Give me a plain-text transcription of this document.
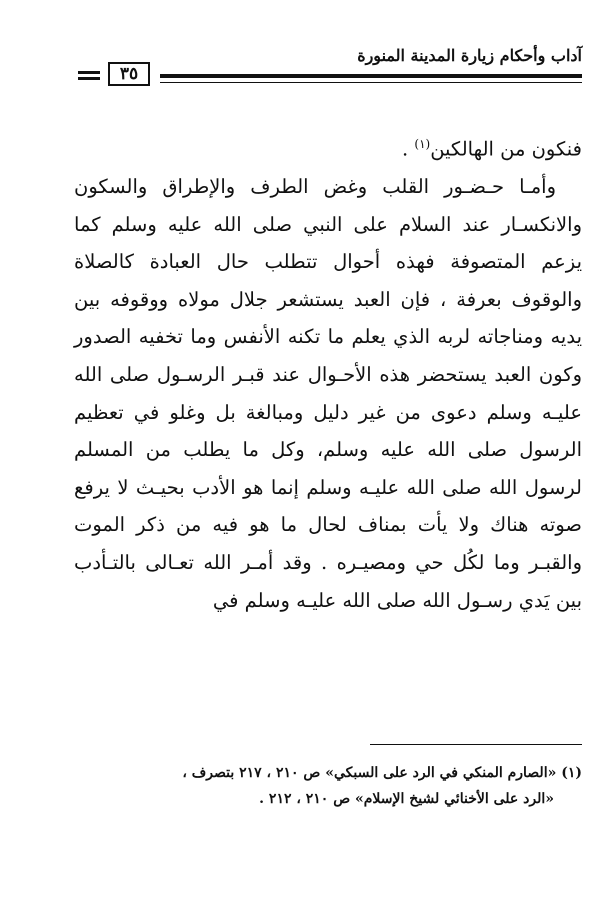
آداب وأحكام زيارة المدينة المنورة
٣٥

فنكون من الهالكين$^{(١)}$ .

وأمـا حـضـور القلب وغض الطرف والإطراق والسكون والانكسـار عند السلام على النبي صلى الله عليه وسلم كما يزعم المتصوفة فهذه أحوال تتطلب حال العبادة كالصلاة والوقوف بعرفة ، فإن العبد يستشعر جلال مولاه ووقوفه بين يديه ومناجاته لربه الذي يعلم ما تكنه الأنفس وما تخفيه الصدور وكون العبد يستحضر هذه الأحـوال عند قبـر الرسـول صلى الله عليـه وسلم دعوى من غير دليل ومبالغة بل وغلو في تعظيم الرسول صلى الله عليه وسلم، وكل ما يطلب من المسلم لرسول الله صلى الله عليـه وسلم إنما هو الأدب بحيـث لا يرفع صوته هناك ولا يأت بمناف لحال ما هو فيه من ذكر الموت والقبـر وما لكُل حي ومصيـره . وقد أمـر الله تعـالى بالتـأدب بين يَدي رسـول الله صلى الله عليـه وسلم في

(١) «الصارم المنكي في الرد على السبكي» ص ٢١٠ ، ٢١٧ بتصرف ،

«الرد على الأخنائي لشيخ الإسلام» ص ٢١٠ ، ٢١٢ .
